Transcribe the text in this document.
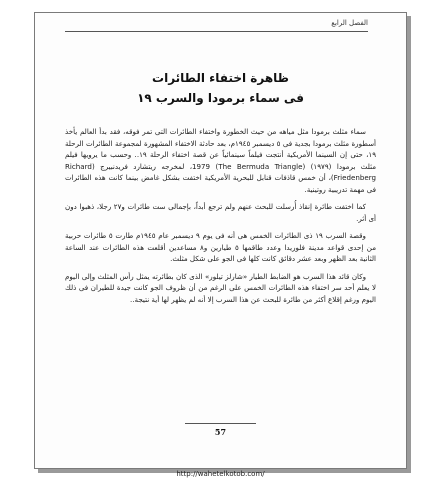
الفصل الرابع
ظاهرة اختفاء الطائرات
فى سماء برمودا والسرب ١٩

سماء مثلث برمودا مثل مياهه من حيث الخطورة واختفاء الطائرات التى تمر فوقه، فقد بدأ العالم يأخذ أسطورة مثلث برمودا بجدية فى ٥ ديسمبر ١٩٤٥م، بعد حادثة الاختفاء المشهورة لمجموعة الطائرات الرحلة ١٩، حتى إن السينما الأمريكية أنتجت فيلماً سينمائياً عن قصة اختفاء الرحلة ١٩.. وحسب ما يرويها فيلم مثلث برمودا (١٩٧٩) (The Bermuda Triangle) 1979، لمخرجه ريتشارد فريدنبيرج (Richard Friedenberg)، أن خمس قاذفات قنابل للبحرية الأمريكية اختفت بشكل غامض بينما كانت هذه الطائرات فى مهمة تدريبية روتينية.

كما اختفت طائرة إنقاذ أُرسلت للبحث عنهم ولم ترجع أبداً، بإجمالى ست طائرات و٢٧ رجلا، ذهبوا دون أى أثر.

وقصة السرب ١٩ ذى الطائرات الخمس هى أنه فى يوم ٩ ديسمبر عام ١٩٤٥م طارت ٥ طائرات حربية من إحدى قواعد مدينة فلوريدا وعدد طاقمها ٥ طيارين و٨ مساعدين أقلعت هذه الطائرات عند الساعة الثانية بعد الظهر وبعد عشر دقائق كانت كلها فى الجو على شكل مثلث.

وكان قائد هذا السرب هو الضابط الطيار «شارلز تيلور» الذى كان بطائرته يمثل رأس المثلث وإلى اليوم لا يعلم أحد سر اختفاء هذه الطائرات الخمس على الرغم من أن ظروف الجو كانت جيدة للطيران فى ذلك اليوم ورغم إقلاع أكثر من طائرة للبحث عن هذا السرب إلا أنه لم يظهر لها أية نتيجة..

57
http://wahetelkotob.com/
